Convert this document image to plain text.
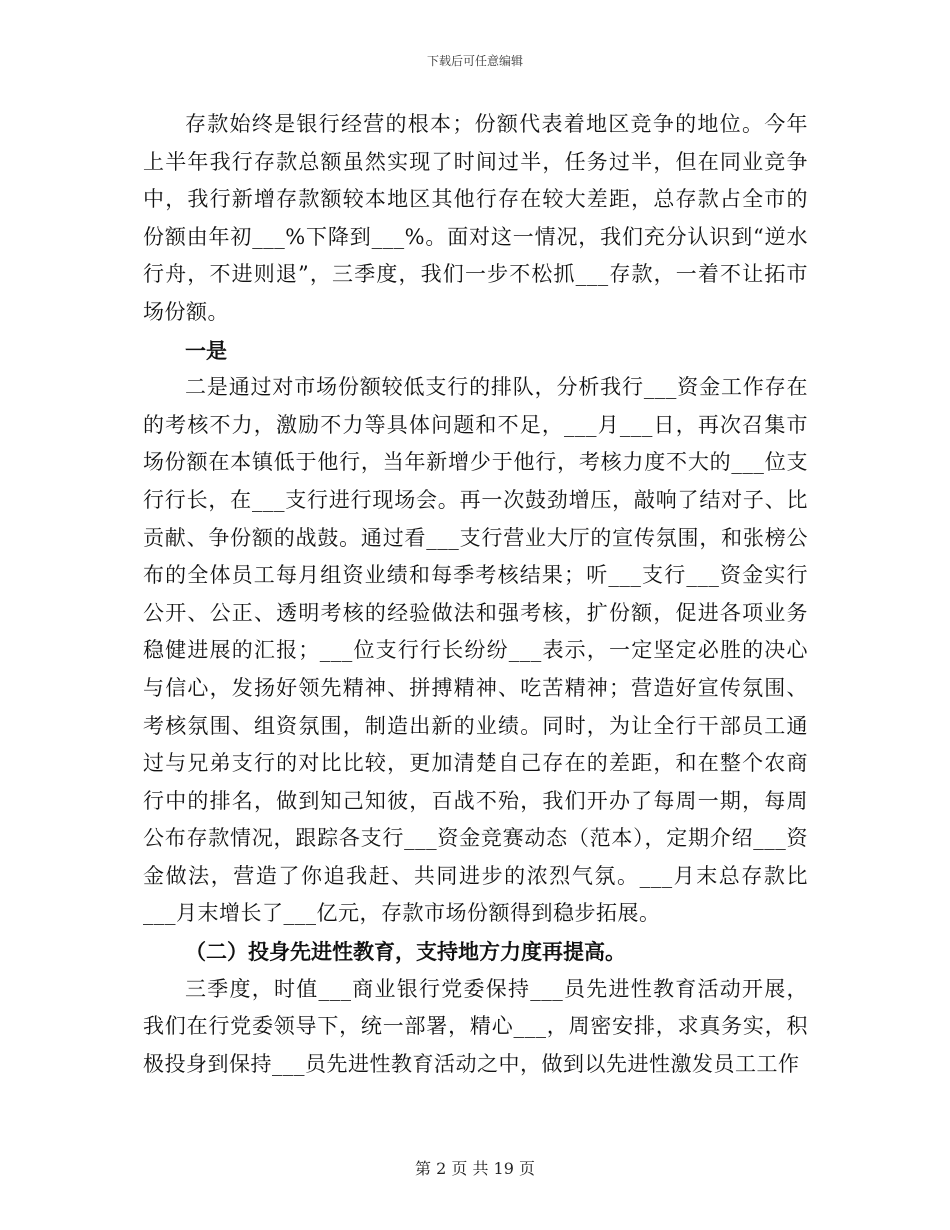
下载后可任意编辑

存款始终是银行经营的根本；份额代表着地区竞争的地位。今年上半年我行存款总额虽然实现了时间过半，任务过半，但在同业竞争中，我行新增存款额较本地区其他行存在较大差距，总存款占全市的份额由年初___%下降到___%。面对这一情况，我们充分认识到“逆水行舟，不进则退”，三季度，我们一步不松抓___存款，一着不让拓市场份额。

一是

二是通过对市场份额较低支行的排队，分析我行___资金工作存在的考核不力，激励不力等具体问题和不足，___月___日，再次召集市场份额在本镇低于他行，当年新增少于他行，考核力度不大的___位支行行长，在___支行进行现场会。再一次鼓劲增压，敲响了结对子、比贡献、争份额的战鼓。通过看___支行营业大厅的宣传氛围，和张榜公布的全体员工每月组资业绩和每季考核结果；听___支行___资金实行公开、公正、透明考核的经验做法和强考核，扩份额，促进各项业务稳健进展的汇报；___位支行行长纷纷___表示，一定坚定必胜的决心与信心，发扬好领先精神、拼搏精神、吃苦精神；营造好宣传氛围、考核氛围、组资氛围，制造出新的业绩。同时，为让全行干部员工通过与兄弟支行的对比比较，更加清楚自己存在的差距，和在整个农商行中的排名，做到知己知彼，百战不殆，我们开办了每周一期，每周公布存款情况，跟踪各支行___资金竞赛动态（范本），定期介绍___资金做法，营造了你追我赶、共同进步的浓烈气氛。___月末总存款比___月末增长了___亿元，存款市场份额得到稳步拓展。

（二）投身先进性教育，支持地方力度再提高。

三季度，时值___商业银行党委保持___员先进性教育活动开展，我们在行党委领导下，统一部署，精心___，周密安排，求真务实，积极投身到保持___员先进性教育活动之中，做到以先进性激发员工工作

第 2 页 共 19 页
